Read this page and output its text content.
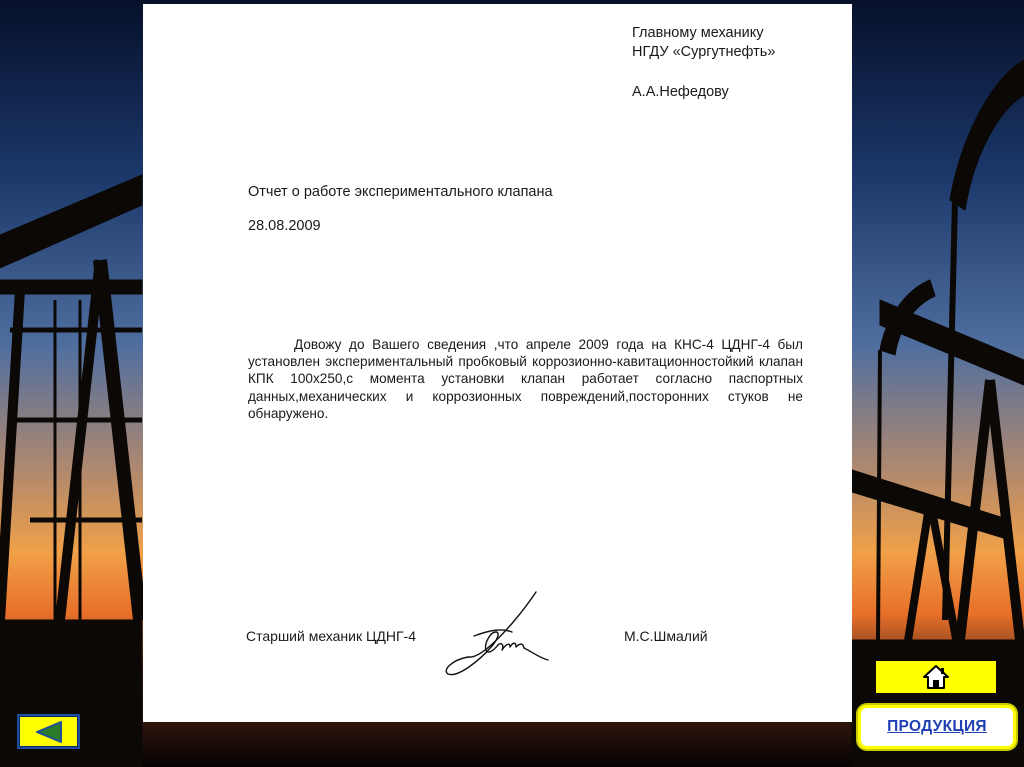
Главному механику
НГДУ «Сургутнефть»
А.А.Нефедову
Отчет о работе экспериментального клапана
28.08.2009

Довожу до Вашего сведения ,что апреле 2009 года на КНС-4 ЦДНГ-4 был установлен экспериментальный пробковый коррозионно-кавитационностойкий клапан КПК 100х250,с момента установки клапан работает согласно паспортных данных,механических и коррозионных повреждений,посторонних стуков не обнаружено.

Старший механик ЦДНГ-4	М.С.Шмалий
ПРОДУКЦИЯ
